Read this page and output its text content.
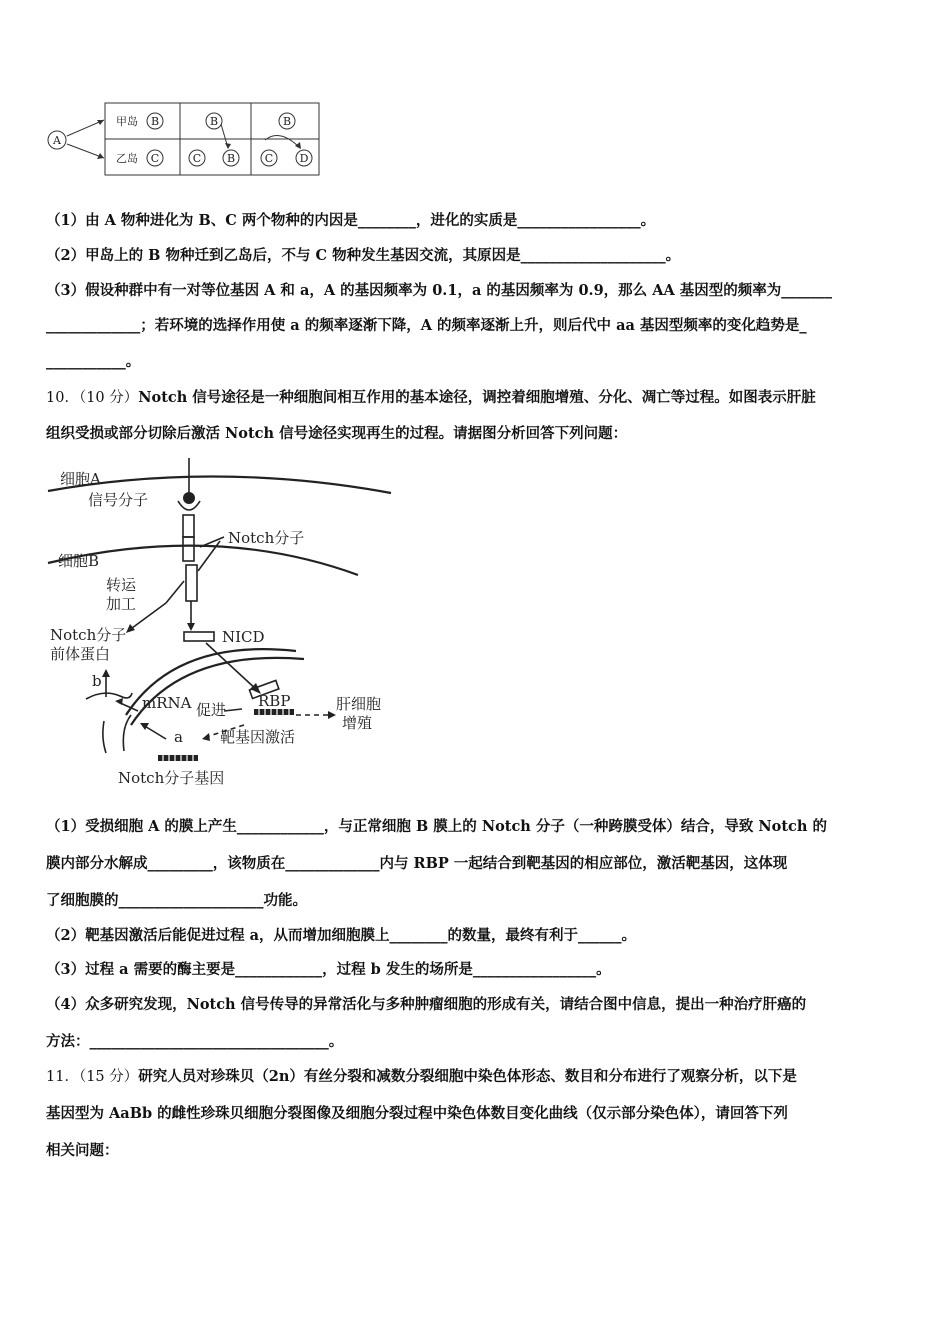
A
甲岛
乙岛
B	B	B
C	C B	C D
（1）由 A 物种进化为 B、C 两个物种的内因是________，进化的实质是_________________。
（2）甲岛上的 B 物种迁到乙岛后，不与 C 物种发生基因交流，其原因是____________________。
（3）假设种群中有一对等位基因 A 和 a，A 的基因频率为 0.1，a 的基因频率为 0.9，那么 AA 基因型的频率为_______
_____________；若环境的选择作用使 a 的频率逐渐下降，A 的频率逐渐上升，则后代中 aa 基因型频率的变化趋势是_
___________。
10．（10 分）Notch 信号途径是一种细胞间相互作用的基本途径，调控着细胞增殖、分化、凋亡等过程。如图表示肝脏
组织受损或部分切除后激活 Notch 信号途径实现再生的过程。请据图分析回答下列问题：
细胞A
信号分子
Notch分子
细胞B
转运
加工
NICD
Notch分子
前体蛋白
b
mRNA 促进 RBP	肝细胞
增殖
a 靶基因激活
Notch分子基因
（1）受损细胞 A 的膜上产生____________，与正常细胞 B 膜上的 Notch 分子（一种跨膜受体）结合，导致 Notch 的
膜内部分水解成_________，该物质在_____________内与 RBP 一起结合到靶基因的相应部位，激活靶基因，这体现
了细胞膜的____________________功能。
（2）靶基因激活后能促进过程 a，从而增加细胞膜上________的数量，最终有利于______。
（3）过程 a 需要的酶主要是____________，过程 b 发生的场所是_________________。
（4）众多研究发现，Notch 信号传导的异常活化与多种肿瘤细胞的形成有关，请结合图中信息，提出一种治疗肝癌的
方法：_________________________________。
11．（15 分）研究人员对珍珠贝（2n）有丝分裂和减数分裂细胞中染色体形态、数目和分布进行了观察分析，以下是
基因型为 AaBb 的雌性珍珠贝细胞分裂图像及细胞分裂过程中染色体数目变化曲线（仅示部分染色体），请回答下列
相关问题：
